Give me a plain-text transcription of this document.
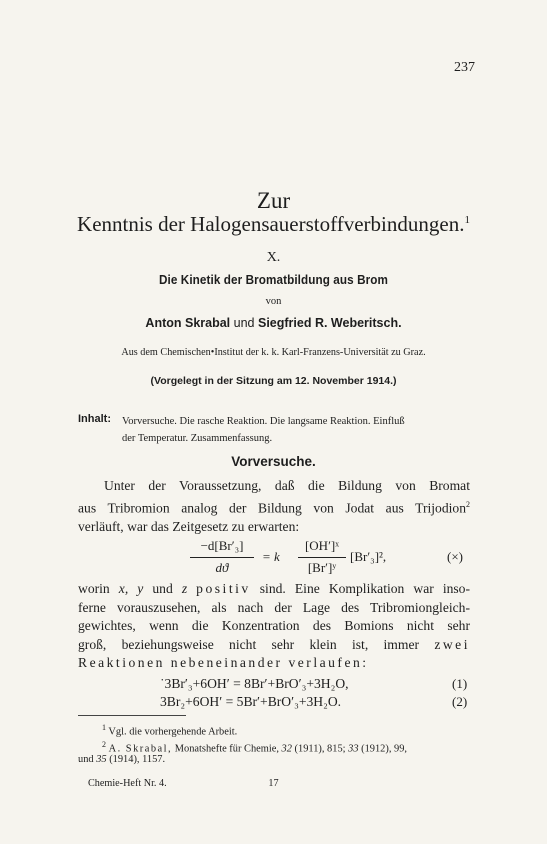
237
Zur
Kenntnis der Halogensauerstoffverbindungen.$^1$
X.
Die Kinetik der Bromatbildung aus Brom
von
Anton Skrabal und Siegfried R. Weberitsch.
Aus dem Chemischen•Institut der k. k. Karl-Franzens-Universität zu Graz.
(Vorgelegt in der Sitzung am 12. November 1914.)
Inhalt: Vorversuche. Die rasche Reaktion. Die langsame Reaktion. Einfluß
der Temperatur. Zusammenfassung.
Vorversuche.
Unter der Voraussetzung, daß die Bildung von Bromat
aus Tribromion analog der Bildung von Jodat aus Trijodion$^2$
verläuft, war das Zeitgesetz zu erwarten:
−d[Br′₃]
dϑ
= k
[OH′]ˣ
[Br′]ʸ
[Br′₃]²,	(×)
worin x, y und z positiv sind. Eine Komplikation war inso-
ferne vorauszusehen, als nach der Lage des Tribromiongleich-
gewichtes, wenn die Konzentration des Bomions nicht sehr
groß, beziehungsweise nicht sehr klein ist, immer zwei
Reaktionen nebeneinander verlaufen:
˙3Br′₃+6OH′ = 8Br′+BrO′₃+3H₂O,	(1)
3Br₂+6OH′ = 5Br′+BrO′₃+3H₂O.	(2)
$^1$ Vgl. die vorhergehende Arbeit.
$^2$ A. Skrabal, Monatshefte für Chemie, 32 (1911), 815; 33 (1912), 99,
und 35 (1914), 1157.
Chemie-Heft Nr. 4.	17
